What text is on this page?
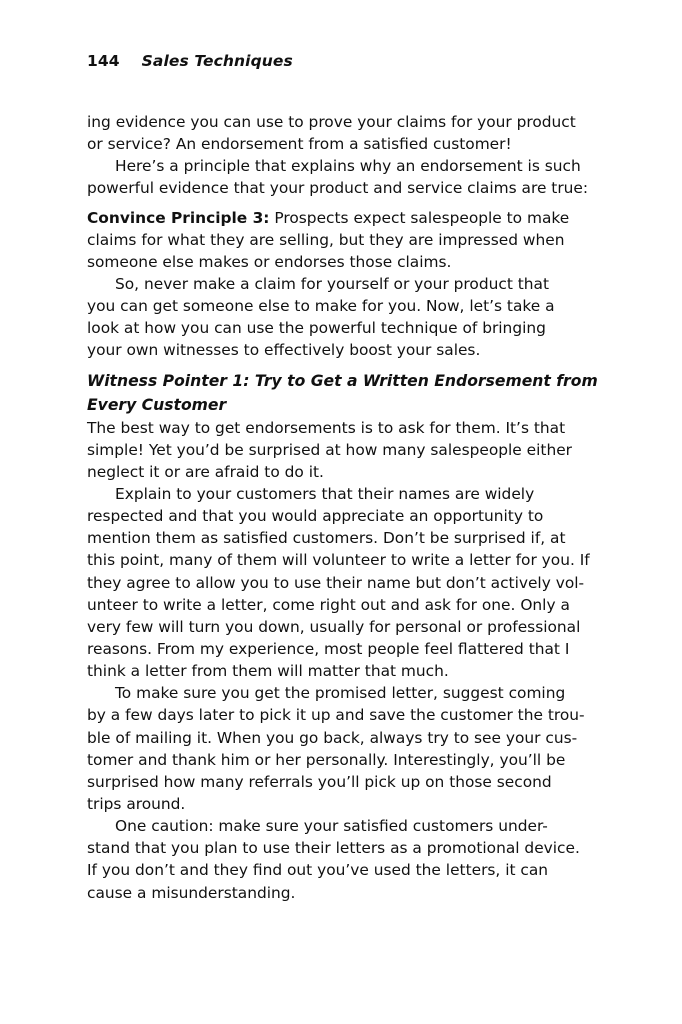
144 Sales Techniques
ing evidence you can use to prove your claims for your product
or service? An endorsement from a satisfied customer!
Here’s a principle that explains why an endorsement is such
powerful evidence that your product and service claims are true:
Convince Principle 3: Prospects expect salespeople to make
claims for what they are selling, but they are impressed when
someone else makes or endorses those claims.
So, never make a claim for yourself or your product that
you can get someone else to make for you. Now, let’s take a
look at how you can use the powerful technique of bringing
your own witnesses to effectively boost your sales.
Witness Pointer 1: Try to Get a Written Endorsement from
Every Customer
The best way to get endorsements is to ask for them. It’s that
simple! Yet you’d be surprised at how many salespeople either
neglect it or are afraid to do it.
Explain to your customers that their names are widely
respected and that you would appreciate an opportunity to
mention them as satisfied customers. Don’t be surprised if, at
this point, many of them will volunteer to write a letter for you. If
they agree to allow you to use their name but don’t actively vol-
unteer to write a letter, come right out and ask for one. Only a
very few will turn you down, usually for personal or professional
reasons. From my experience, most people feel flattered that I
think a letter from them will matter that much.
To make sure you get the promised letter, suggest coming
by a few days later to pick it up and save the customer the trou-
ble of mailing it. When you go back, always try to see your cus-
tomer and thank him or her personally. Interestingly, you’ll be
surprised how many referrals you’ll pick up on those second
trips around.
One caution: make sure your satisfied customers under-
stand that you plan to use their letters as a promotional device.
If you don’t and they find out you’ve used the letters, it can
cause a misunderstanding.
